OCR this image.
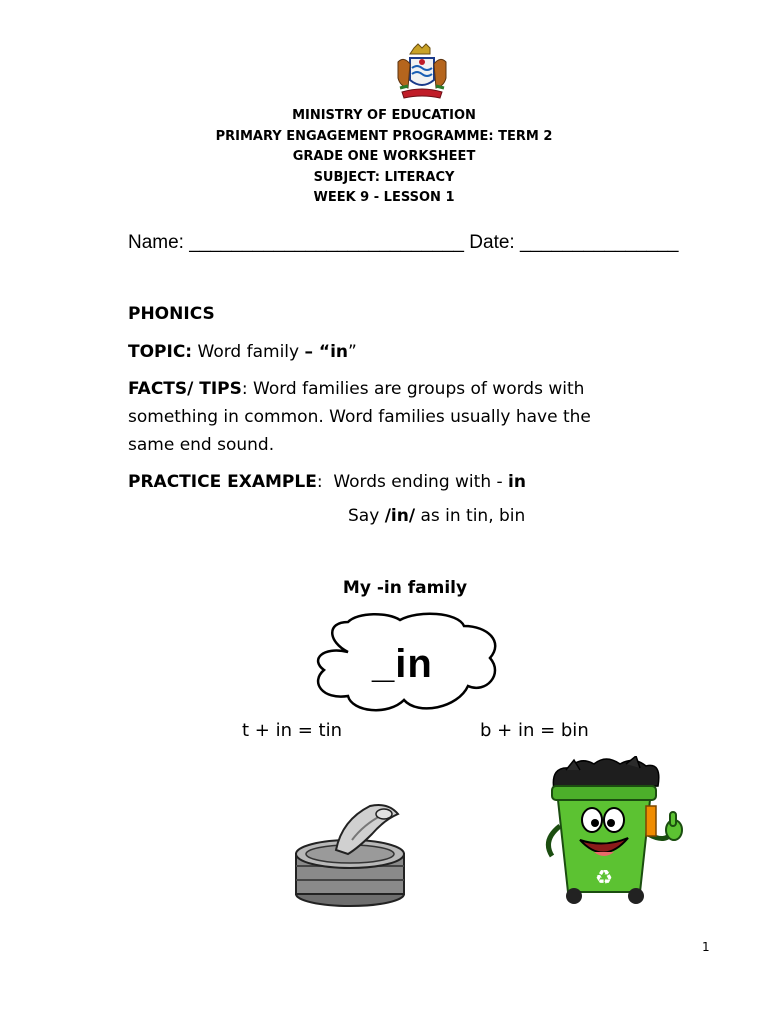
MINISTRY OF EDUCATION
PRIMARY ENGAGEMENT PROGRAMME: TERM 2
GRADE ONE WORKSHEET
SUBJECT: LITERACY
WEEK 9 - LESSON 1
Name: __________________________ Date: _______________
PHONICS
TOPIC: Word family – “in”
FACTS/ TIPS: Word families are groups of words with
something in common. Word families usually have the
same end sound.
PRACTICE EXAMPLE:  Words ending with - in
Say /in/ as in tin, bin
My -in family
_in
t + in = tin	b + in = bin
♻
1
